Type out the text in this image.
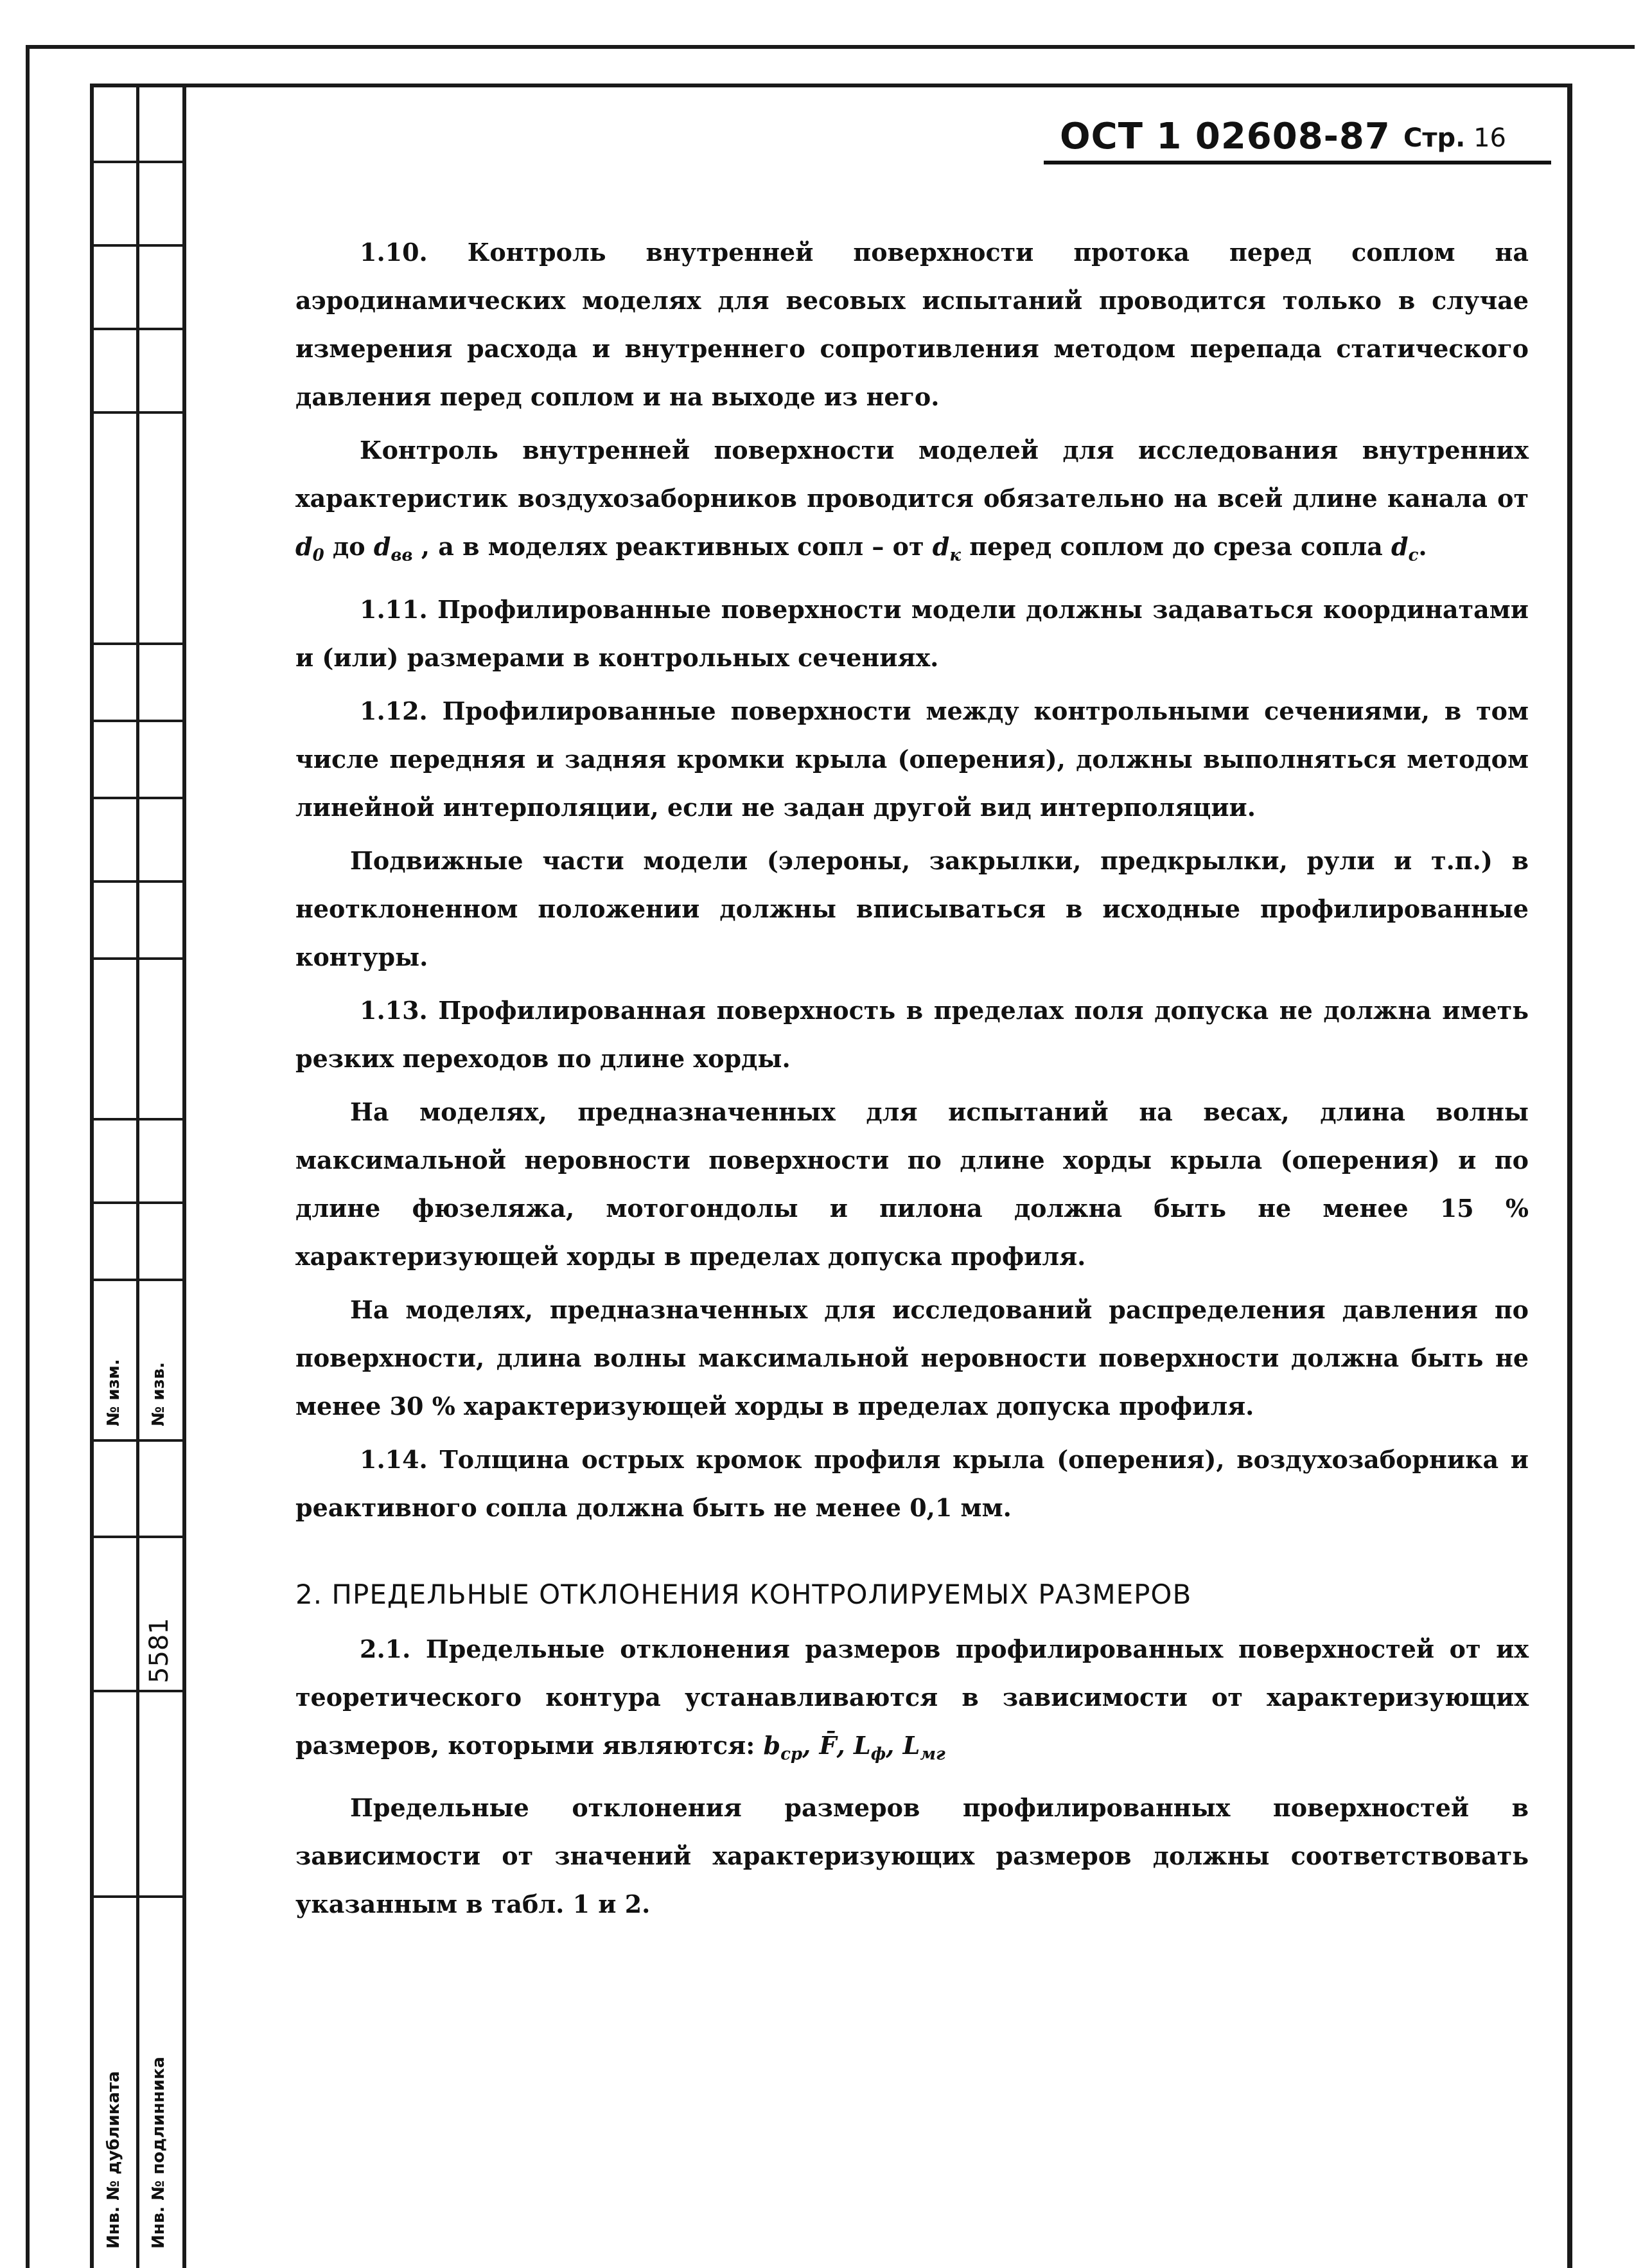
№ изм. № изв.
5581
Инв. № дубликата Инв. № подлинника
ОСТ 1 02608-87 Стр. 16

1.10. Контроль внутренней поверхности протока перед соплом на аэродинамических моделях для весовых испытаний проводится только в случае измерения расхода и внутреннего сопротивления методом перепада статического давления перед соплом и на выходе из него.

Контроль внутренней поверхности моделей для исследования внутренних характеристик воздухозаборников проводится обязательно на всей длине канала от $d_0$ до $d_{вв}$ , а в моделях реактивных сопл – от $d_к$ перед соплом до среза сопла $d_с$.

1.11. Профилированные поверхности модели должны задаваться координатами и (или) размерами в контрольных сечениях.

1.12. Профилированные поверхности между контрольными сечениями, в том числе передняя и задняя кромки крыла (оперения), должны выполняться методом линейной интерполяции, если не задан другой вид интерполяции.

Подвижные части модели (элероны, закрылки, предкрылки, рули и т.п.) в неотклоненном положении должны вписываться в исходные профилированные контуры.

1.13. Профилированная поверхность в пределах поля допуска не должна иметь резких переходов по длине хорды.

На моделях, предназначенных для испытаний на весах, длина волны максимальной неровности поверхности по длине хорды крыла (оперения) и по длине фюзеляжа, мотогондолы и пилона должна быть не менее 15 % характеризующей хорды в пределах допуска профиля.

На моделях, предназначенных для исследований распределения давления по поверхности, длина волны максимальной неровности поверхности должна быть не менее 30 % характеризующей хорды в пределах допуска профиля.

1.14. Толщина острых кромок профиля крыла (оперения), воздухозаборника и реактивного сопла должна быть не менее 0,1 мм.

2. ПРЕДЕЛЬНЫЕ ОТКЛОНЕНИЯ КОНТРОЛИРУЕМЫХ РАЗМЕРОВ

2.1. Предельные отклонения размеров профилированных поверхностей от их теоретического контура устанавливаются в зависимости от характеризующих размеров, которыми являются: $b_{ср}$, F̄, $L_ф$, $L_{мг}$

Предельные отклонения размеров профилированных поверхностей в зависимости от значений характеризующих размеров должны соответствовать указанным в табл. 1 и 2.
